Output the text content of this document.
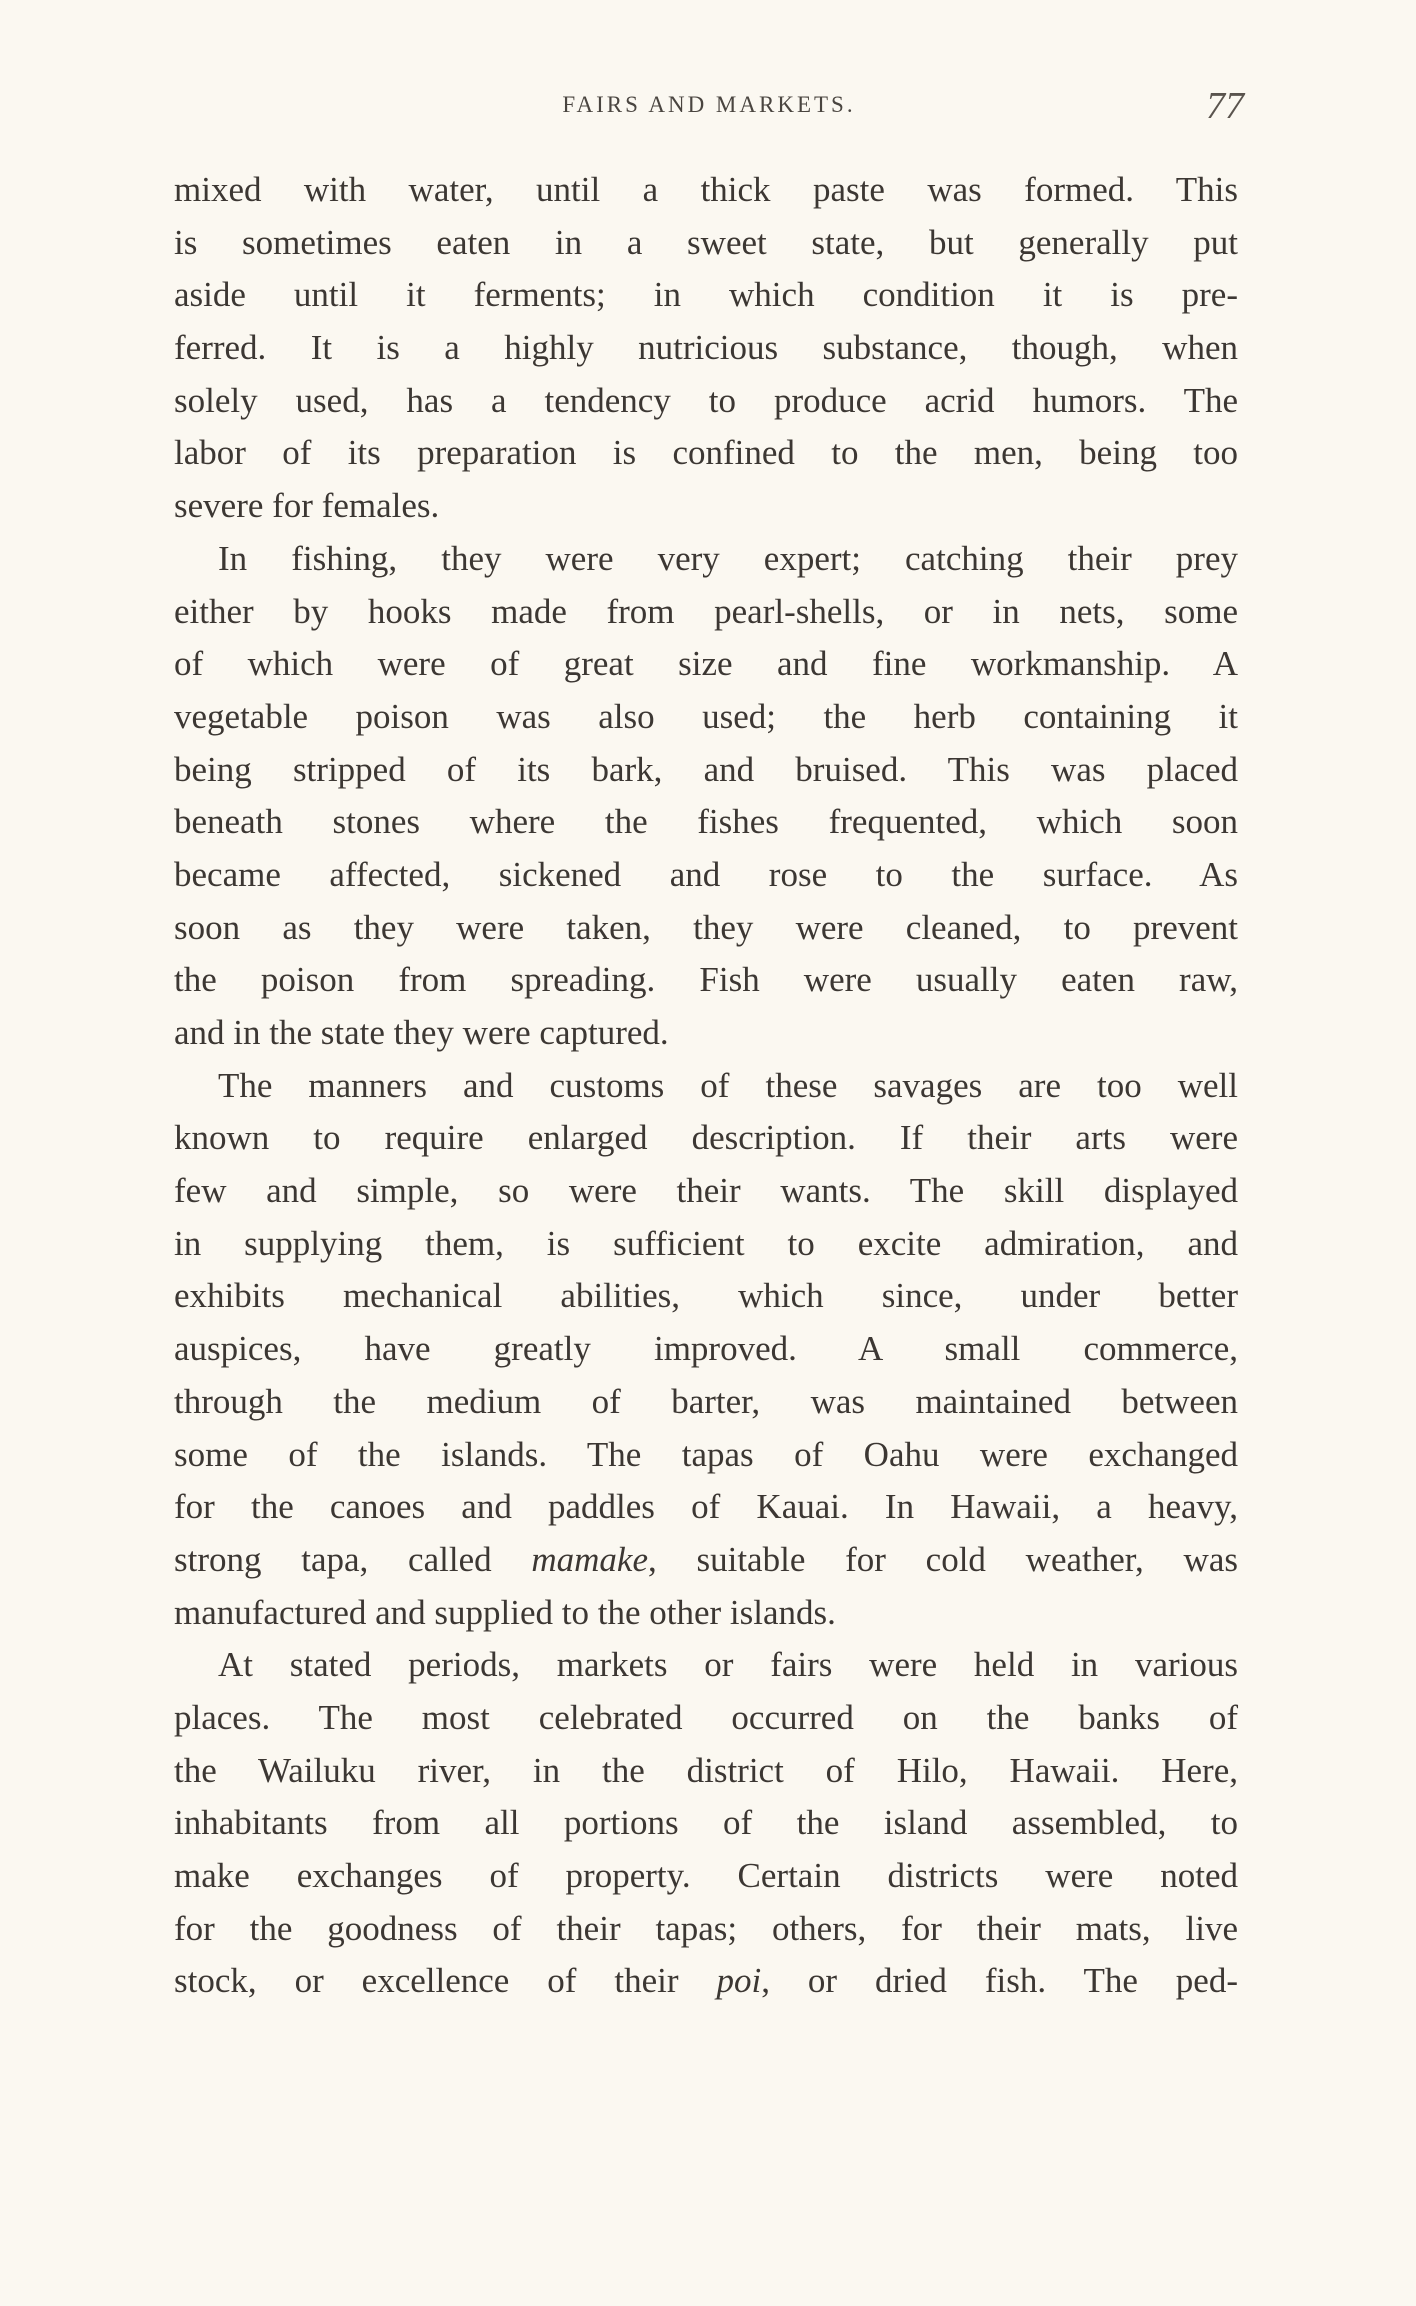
FAIRS AND MARKETS.	77
mixed with water, until a thick paste was formed. This
is sometimes eaten in a sweet state, but generally put
aside until it ferments; in which condition it is pre-
ferred. It is a highly nutricious substance, though, when
solely used, has a tendency to produce acrid humors. The
labor of its preparation is confined to the men, being too
severe for females.
In fishing, they were very expert; catching their prey
either by hooks made from pearl-shells, or in nets, some
of which were of great size and fine workmanship. A
vegetable poison was also used; the herb containing it
being stripped of its bark, and bruised. This was placed
beneath stones where the fishes frequented, which soon
became affected, sickened and rose to the surface. As
soon as they were taken, they were cleaned, to prevent
the poison from spreading. Fish were usually eaten raw,
and in the state they were captured.
The manners and customs of these savages are too well
known to require enlarged description. If their arts were
few and simple, so were their wants. The skill displayed
in supplying them, is sufficient to excite admiration, and
exhibits mechanical abilities, which since, under better
auspices, have greatly improved. A small commerce,
through the medium of barter, was maintained between
some of the islands. The tapas of Oahu were exchanged
for the canoes and paddles of Kauai. In Hawaii, a heavy,
strong tapa, called mamake, suitable for cold weather, was
manufactured and supplied to the other islands.
At stated periods, markets or fairs were held in various
places. The most celebrated occurred on the banks of
the Wailuku river, in the district of Hilo, Hawaii. Here,
inhabitants from all portions of the island assembled, to
make exchanges of property. Certain districts were noted
for the goodness of their tapas; others, for their mats, live
stock, or excellence of their poi, or dried fish. The ped-
